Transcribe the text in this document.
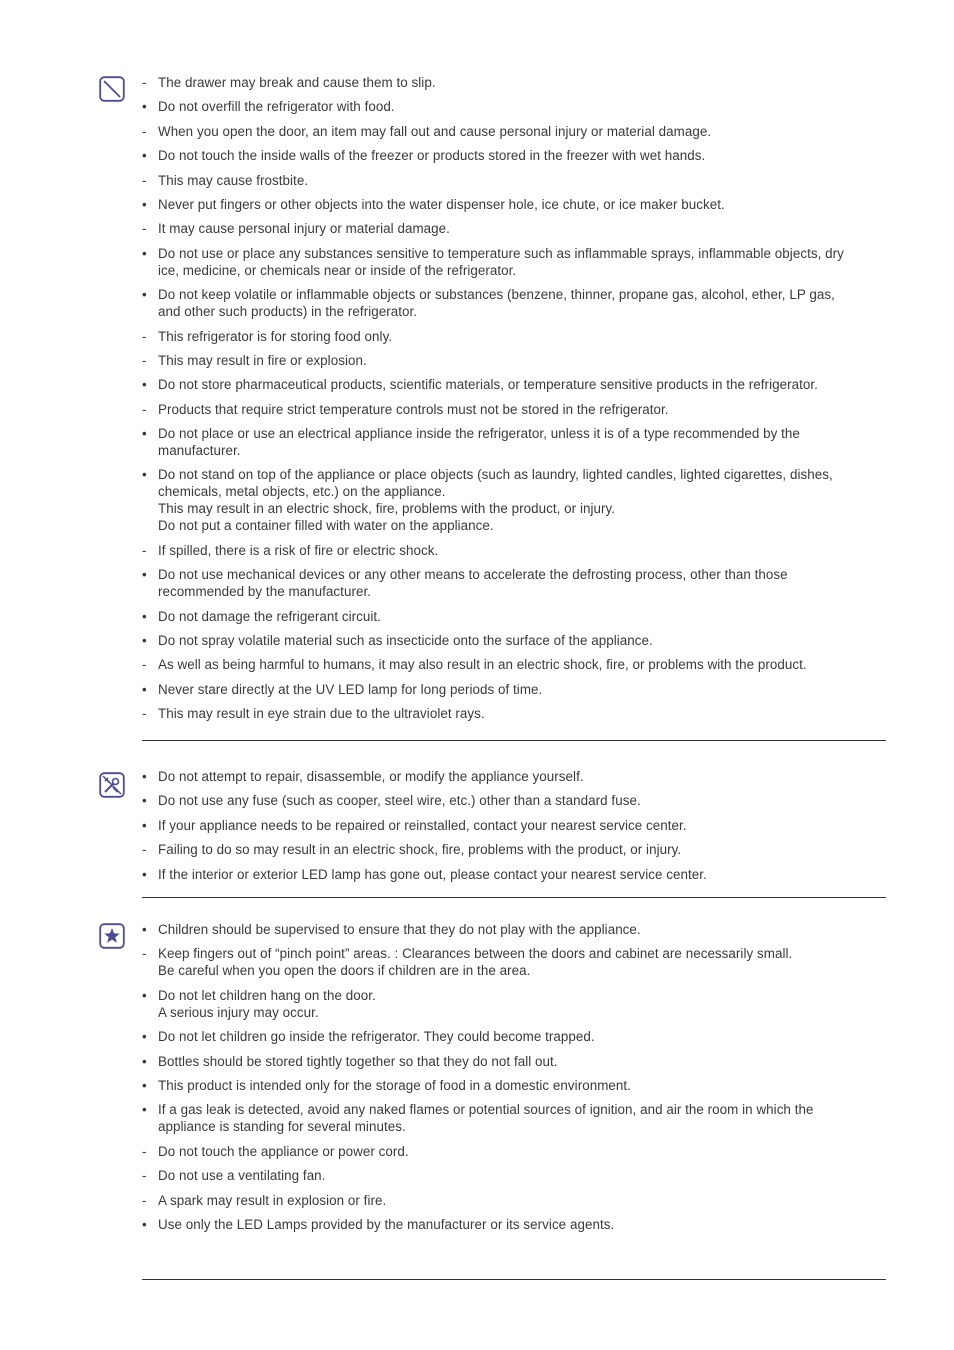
- The drawer may break and cause them to slip.
• Do not overfill the refrigerator with food.
- When you open the door, an item may fall out and cause personal injury or material damage.
• Do not touch the inside walls of the freezer or products stored in the freezer with wet hands.
- This may cause frostbite.
• Never put fingers or other objects into the water dispenser hole, ice chute, or ice maker bucket.
- It may cause personal injury or material damage.
• Do not use or place any substances sensitive to temperature such as inflammable sprays, inflammable objects, dry
ice, medicine, or chemicals near or inside of the refrigerator.
• Do not keep volatile or inflammable objects or substances (benzene, thinner, propane gas, alcohol, ether, LP gas,
and other such products) in the refrigerator.
- This refrigerator is for storing food only.
- This may result in fire or explosion.
• Do not store pharmaceutical products, scientific materials, or temperature sensitive products in the refrigerator.
- Products that require strict temperature controls must not be stored in the refrigerator.
• Do not place or use an electrical appliance inside the refrigerator, unless it is of a type recommended by the
manufacturer.
• Do not stand on top of the appliance or place objects (such as laundry, lighted candles, lighted cigarettes, dishes,
chemicals, metal objects, etc.) on the appliance.
This may result in an electric shock, fire, problems with the product, or injury.
Do not put a container filled with water on the appliance.
- If spilled, there is a risk of fire or electric shock.
• Do not use mechanical devices or any other means to accelerate the defrosting process, other than those
recommended by the manufacturer.
• Do not damage the refrigerant circuit.
• Do not spray volatile material such as insecticide onto the surface of the appliance.
- As well as being harmful to humans, it may also result in an electric shock, fire, or problems with the product.
• Never stare directly at the UV LED lamp for long periods of time.
- This may result in eye strain due to the ultraviolet rays.
• Do not attempt to repair, disassemble, or modify the appliance yourself.
• Do not use any fuse (such as cooper, steel wire, etc.) other than a standard fuse.
• If your appliance needs to be repaired or reinstalled, contact your nearest service center.
- Failing to do so may result in an electric shock, fire, problems with the product, or injury.
• If the interior or exterior LED lamp has gone out, please contact your nearest service center.
• Children should be supervised to ensure that they do not play with the appliance.
- Keep fingers out of “pinch point” areas. : Clearances between the doors and cabinet are necessarily small.
Be careful when you open the doors if children are in the area.
• Do not let children hang on the door.
A serious injury may occur.
• Do not let children go inside the refrigerator. They could become trapped.
• Bottles should be stored tightly together so that they do not fall out.
• This product is intended only for the storage of food in a domestic environment.
• If a gas leak is detected, avoid any naked flames or potential sources of ignition, and air the room in which the
appliance is standing for several minutes.
- Do not touch the appliance or power cord.
- Do not use a ventilating fan.
- A spark may result in explosion or fire.
• Use only the LED Lamps provided by the manufacturer or its service agents.
